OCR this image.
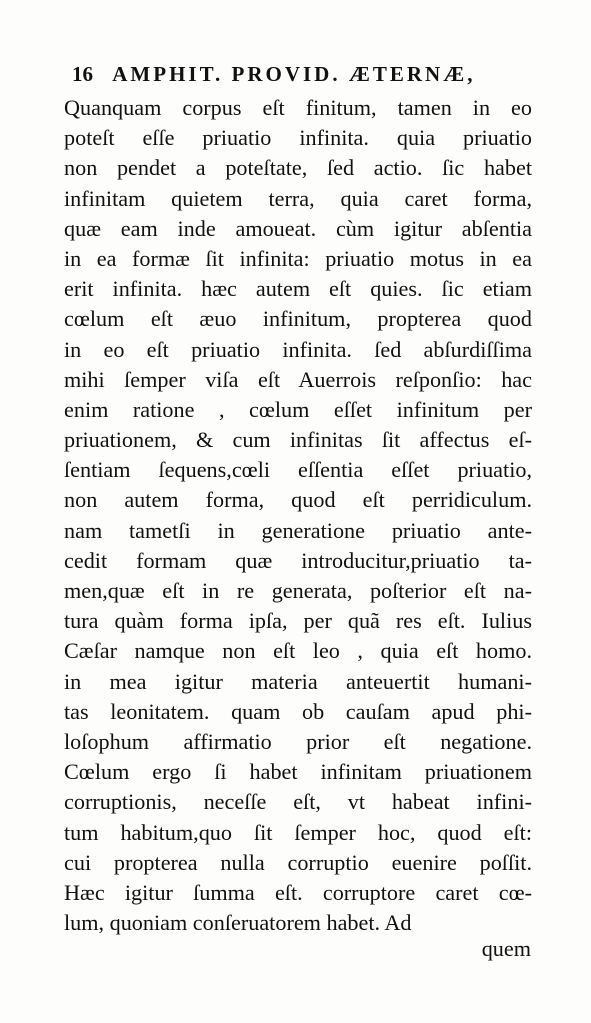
16 AMPHIT. PROVID. ÆTERNÆ,
Quanquam corpus eſt finitum, tamen in eo
poteſt eſſe priuatio infinita. quia priuatio
non pendet a poteſtate, ſed actio. ſic habet
infinitam quietem terra, quia caret forma,
quæ eam inde amoueat. cùm igitur abſentia
in ea formæ ſit infinita: priuatio motus in ea
erit infinita. hæc autem eſt quies. ſic etiam
cœlum eſt æuo infinitum, propterea quod
in eo eſt priuatio infinita. ſed abſurdiſſima
mihi ſemper viſa eſt Auerrois reſponſio: hac
enim ratione , cœlum eſſet infinitum per
priuationem, & cum infinitas ſit affectus eſ-
ſentiam ſequens,cœli eſſentia eſſet priuatio,
non autem forma, quod eſt perridiculum.
nam tametſi in generatione priuatio ante-
cedit formam quæ introducitur,priuatio ta-
men,quæ eſt in re generata, poſterior eſt na-
tura quàm forma ipſa, per quã res eſt. Iulius
Cæſar namque non eſt leo , quia eſt homo.
in mea igitur materia anteuertit humani-
tas leonitatem. quam ob cauſam apud phi-
loſophum affirmatio prior eſt negatione.
Cœlum ergo ſi habet infinitam priuationem
corruptionis, neceſſe eſt, vt habeat infini-
tum habitum,quo ſit ſemper hoc, quod eſt:
cui propterea nulla corruptio euenire poſſit.
Hæc igitur ſumma eſt. corruptore caret cœ-
lum, quoniam conſeruatorem habet. Ad
quem
